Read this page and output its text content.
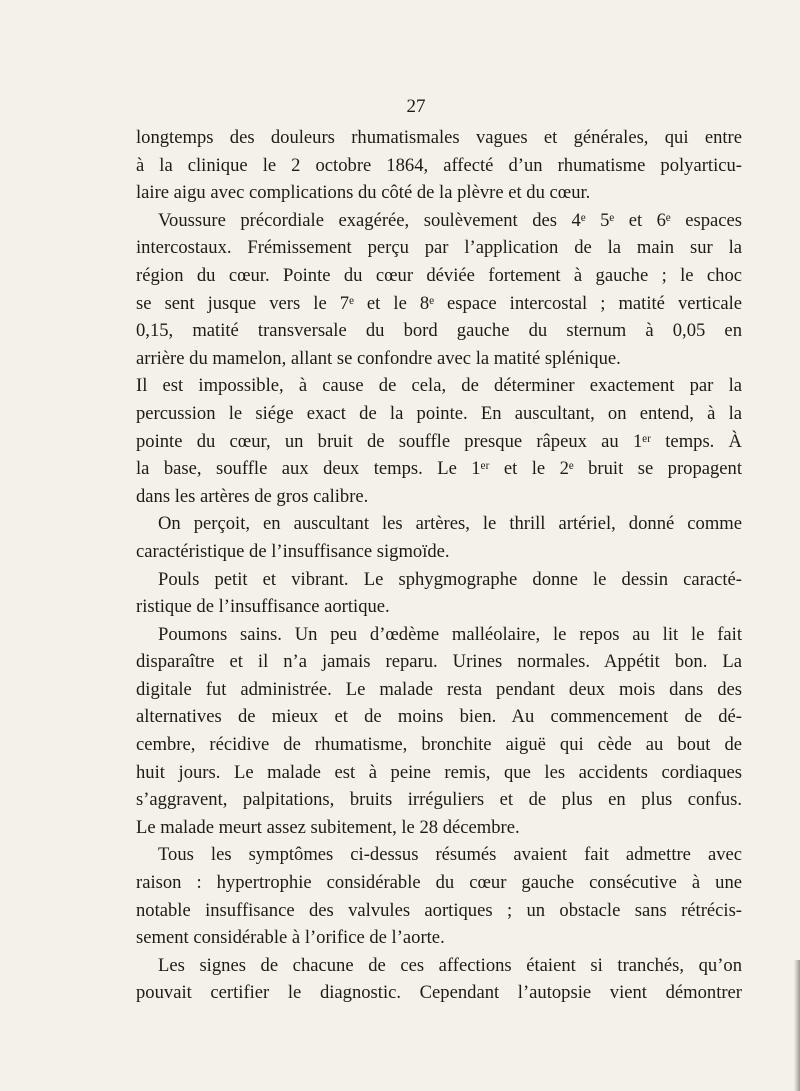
27
longtemps des douleurs rhumatismales vagues et générales, qui entre
à la clinique le 2 octobre 1864, affecté d’un rhumatisme polyarticu-
laire aigu avec complications du côté de la plèvre et du cœur.
Voussure précordiale exagérée, soulèvement des 4ᵉ 5ᵉ et 6ᵉ espaces
intercostaux. Frémissement perçu par l’application de la main sur la
région du cœur. Pointe du cœur déviée fortement à gauche ; le choc
se sent jusque vers le 7ᵉ et le 8ᵉ espace intercostal ; matité verticale
0,15, matité transversale du bord gauche du sternum à 0,05 en
arrière du mamelon, allant se confondre avec la matité splénique.
Il est impossible, à cause de cela, de déterminer exactement par la
percussion le siége exact de la pointe. En auscultant, on entend, à la
pointe du cœur, un bruit de souffle presque râpeux au 1ᵉʳ temps. À
la base, souffle aux deux temps. Le 1ᵉʳ et le 2ᵉ bruit se propagent
dans les artères de gros calibre.
On perçoit, en auscultant les artères, le thrill artériel, donné comme
caractéristique de l’insuffisance sigmoïde.
Pouls petit et vibrant. Le sphygmographe donne le dessin caracté-
ristique de l’insuffisance aortique.
Poumons sains. Un peu d’œdème malléolaire, le repos au lit le fait
disparaître et il n’a jamais reparu. Urines normales. Appétit bon. La
digitale fut administrée. Le malade resta pendant deux mois dans des
alternatives de mieux et de moins bien. Au commencement de dé-
cembre, récidive de rhumatisme, bronchite aiguë qui cède au bout de
huit jours. Le malade est à peine remis, que les accidents cordiaques
s’aggravent, palpitations, bruits irréguliers et de plus en plus confus.
Le malade meurt assez subitement, le 28 décembre.
Tous les symptômes ci-dessus résumés avaient fait admettre avec
raison : hypertrophie considérable du cœur gauche consécutive à une
notable insuffisance des valvules aortiques ; un obstacle sans rétrécis-
sement considérable à l’orifice de l’aorte.
Les signes de chacune de ces affections étaient si tranchés, qu’on
pouvait certifier le diagnostic. Cependant l’autopsie vient démontrer
